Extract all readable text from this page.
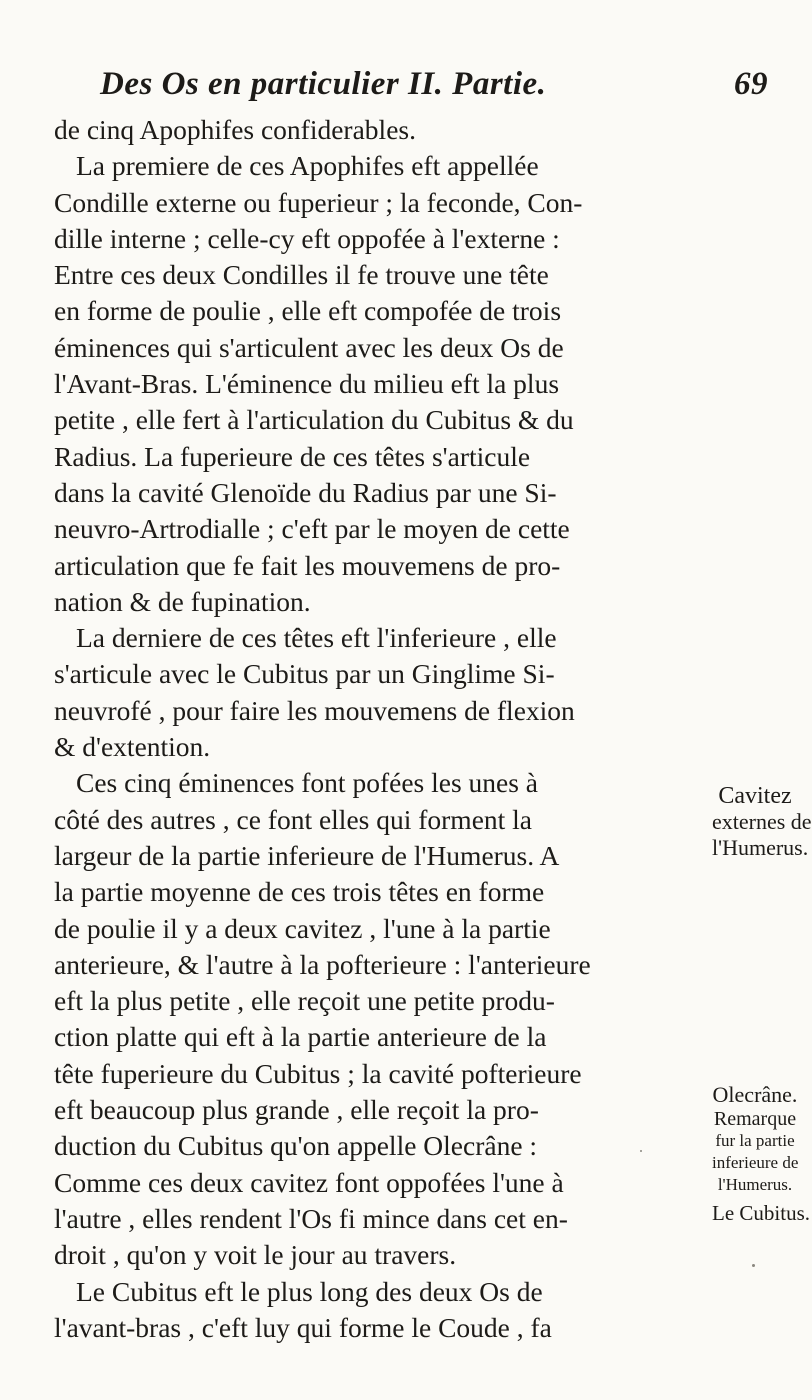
Des Os en particulier II. Partie.	69
de cinq Apophifes confiderables.
La premiere de ces Apophifes eft appellée
Condille externe ou fuperieur ; la feconde, Con-
dille interne ; celle-cy eft oppofée à l'externe :
Entre ces deux Condilles il fe trouve une tête
en forme de poulie , elle eft compofée de trois
éminences qui s'articulent avec les deux Os de
l'Avant-Bras. L'éminence du milieu eft la plus
petite , elle fert à l'articulation du Cubitus & du
Radius. La fuperieure de ces têtes s'articule
dans la cavité Glenoïde du Radius par une Si-
neuvro-Artrodialle ; c'eft par le moyen de cette
articulation que fe fait les mouvemens de pro-
nation & de fupination.
La derniere de ces têtes eft l'inferieure , elle
s'articule avec le Cubitus par un Ginglime Si-
neuvrofé , pour faire les mouvemens de flexion
& d'extention.
Ces cinq éminences font pofées les unes à
côté des autres , ce font elles qui forment la
largeur de la partie inferieure de l'Humerus. A
la partie moyenne de ces trois têtes en forme
de poulie il y a deux cavitez , l'une à la partie
anterieure, & l'autre à la pofterieure : l'anterieure
eft la plus petite , elle reçoit une petite produ-
ction platte qui eft à la partie anterieure de la
tête fuperieure du Cubitus ; la cavité pofterieure
eft beaucoup plus grande , elle reçoit la pro-
duction du Cubitus qu'on appelle Olecrâne :
Comme ces deux cavitez font oppofées l'une à
l'autre , elles rendent l'Os fi mince dans cet en-
droit , qu'on y voit le jour au travers.
Le Cubitus eft le plus long des deux Os de
l'avant-bras , c'eft luy qui forme le Coude , fa
Cavitez
externes de
l'Humerus.
Olecrâne.
Remarque
fur la partie
inferieure de
l'Humerus.
Le Cubitus.
